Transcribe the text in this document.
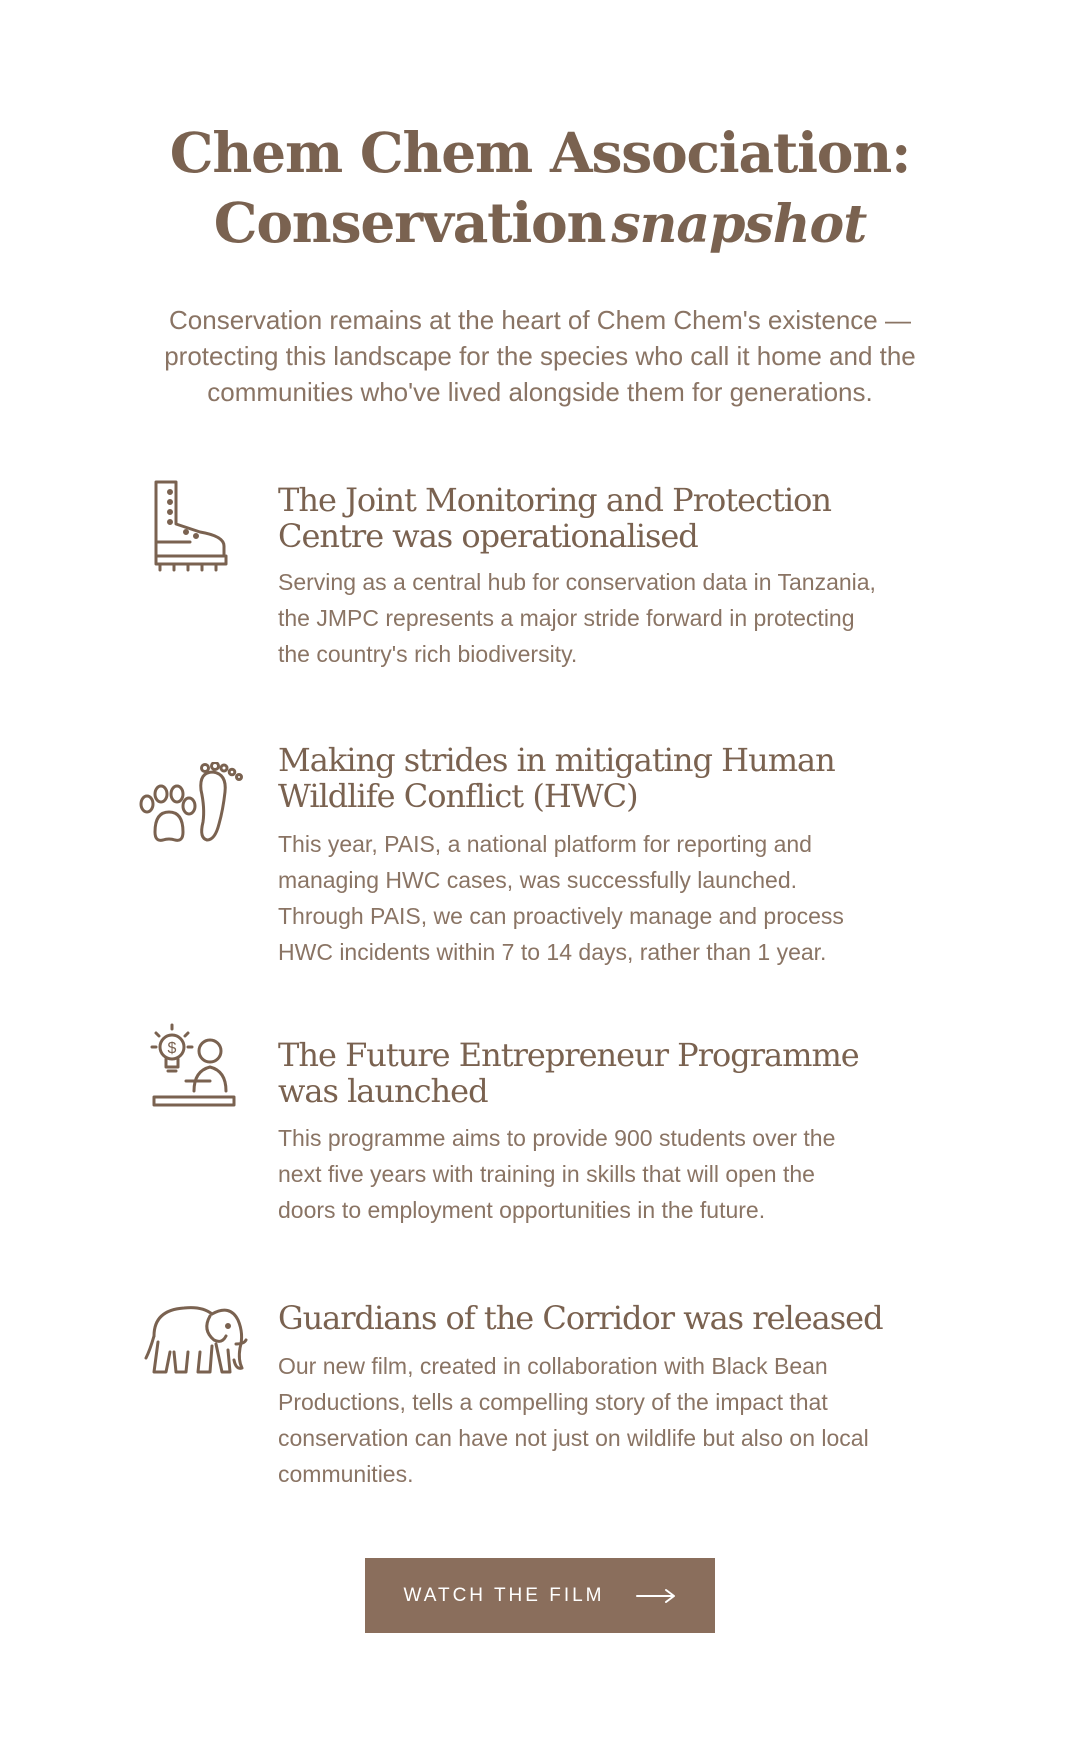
Chem Chem Association:
Conservation snapshot

Conservation remains at the heart of Chem Chem's existence — protecting this landscape for the species who call it home and the communities who've lived alongside them for generations.

The Joint Monitoring and Protection Centre was operationalised

Serving as a central hub for conservation data in Tanzania, the JMPC represents a major stride forward in protecting the country's rich biodiversity.

Making strides in mitigating Human Wildlife Conflict (HWC)

This year, PAIS, a national platform for reporting and managing HWC cases, was successfully launched. Through PAIS, we can proactively manage and process HWC incidents within 7 to 14 days, rather than 1 year.

$	The Future Entrepreneur Programme was launched

This programme aims to provide 900 students over the next five years with training in skills that will open the doors to employment opportunities in the future.

Guardians of the Corridor was released

Our new film, created in collaboration with Black Bean Productions, tells a compelling story of the impact that conservation can have not just on wildlife but also on local communities.

WATCH THE FILM
